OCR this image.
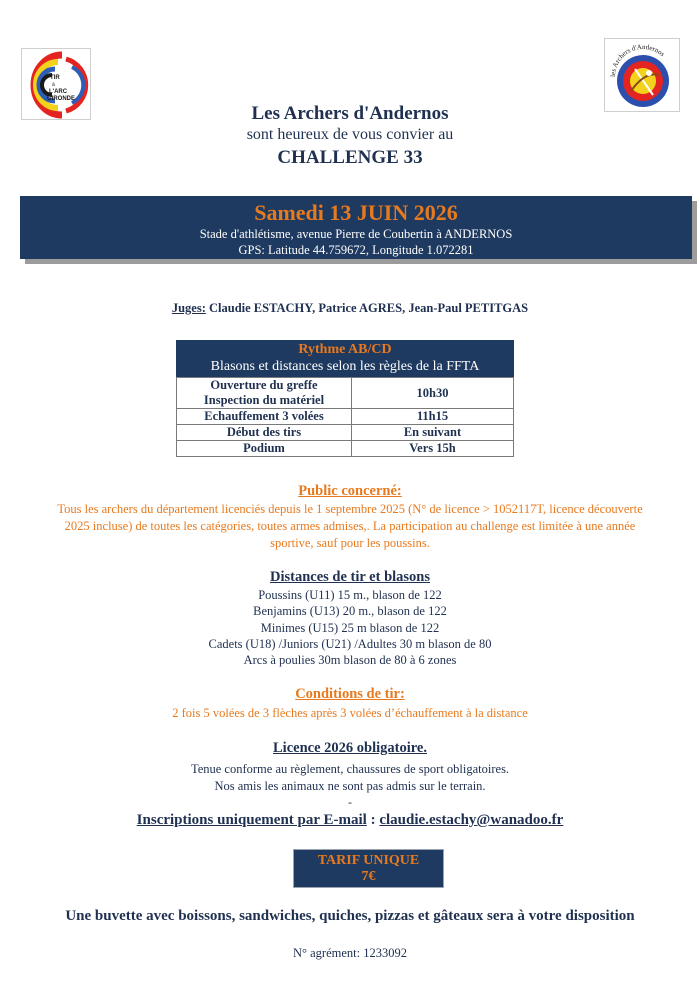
TIR
à
L'ARC
GIRONDE
les Archers d'Andernos
Les Archers d'Andernos
sont heureux de vous convier au
CHALLENGE 33
Samedi 13 JUIN 2026
Stade d'athlétisme, avenue Pierre de Coubertin à ANDERNOS
GPS: Latitude 44.759672, Longitude 1.072281
Juges: Claudie ESTACHY, Patrice AGRES, Jean-Paul PETITGAS
Rythme AB/CD
Blasons et distances selon les règles de la FFTA
Ouverture du greffe
Inspection du matériel	10h30
Echauffement 3 volées	11h15
Début des tirs	En suivant
Podium	Vers 15h
Public concerné:
Tous les archers du département licenciés depuis le 1 septembre 2025 (N° de licence > 1052117T, licence découverte
2025 incluse) de toutes les catégories, toutes armes admises,. La participation au challenge est limitée à une année
sportive, sauf pour les poussins.
Distances de tir et blasons
Poussins (U11) 15 m., blason de 122
Benjamins (U13) 20 m., blason de 122
Minimes (U15) 25 m blason de 122
Cadets (U18) /Juniors (U21) /Adultes 30 m blason de 80
Arcs à poulies 30m blason de 80 à 6 zones
Conditions de tir:
2 fois 5 volées de 3 flèches après 3 volées d’échauffement à la distance
Licence 2026 obligatoire.
Tenue conforme au règlement, chaussures de sport obligatoires.
Nos amis les animaux ne sont pas admis sur le terrain.
-
Inscriptions uniquement par E-mail : claudie.estachy@wanadoo.fr
TARIF UNIQUE
7€
Une buvette avec boissons, sandwiches, quiches, pizzas et gâteaux sera à votre disposition
N° agrément: 1233092
